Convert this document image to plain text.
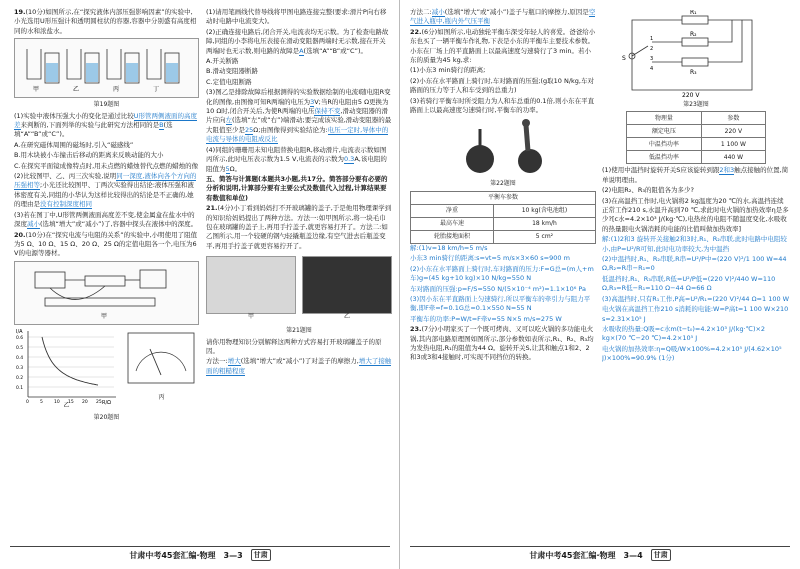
19.(10分)如图所示,在“探究液体内部压强影响因素”的实验中,小光选用U形压强计和透明圆柱状的容器,容器中分别盛有高度相同的水和浓盐水。

甲	乙	丙	丁

第19题图

(1)实验中液体压强大小的变化是通过比较U形管两侧液面的高度差来判断的,下面列举的实验与此研究方法相同的是B(选填“A”“B”或“C”)。

A.在研究磁体周围的磁场时,引入“磁感线”

B.用木块被小车撞击后移动的距离来反映动能的大小

C.在探究平面镜成像特点时,用未点燃的蜡烛替代点燃的蜡烛的像

(2)比较图甲、乙、丙三次实验,说明同一深度,液体向各个方向的压强相等;小光还比较图甲、丁两次实验得出结论:液体压强和液体密度有关,同组的小华认为这样比较得出的结论是不正确的,她的理由是没有控制深度相同

(3)若在图丁中,U形管两侧液面高度差不变,使金属盒在盐水中的深度减小(选填“增大”或“减小”)了,容器中探头在液体中的深度。

20.(10分)在“探究电流与电阻的关系”的实验中,小明使用了阻值为5 Ω、10 Ω、15 Ω、20 Ω、25 Ω的定值电阻各一个,电压为6 V的电源等器材。

甲
I/A
R/Ω
0.6
0.5
0.4
0.3
0.2
0.1
0 5 10 15 20 25
乙
丙

第20题图

(1)请用笔画线代替导线将甲图电路连接完整(要求:滑片P向右移动时电路中电流变大)。

(2)正确连接电路后,闭合开关,电流表均无示数。为了检查电路故障,同组的小李将电压表接在滑动变阻器两端时无示数,接在开关两端时也无示数,则电路的故障是A(选填“A”“B”或“C”)。

A.开关断路

B.滑动变阻器断路

C.定值电阻断路

(3)图乙是排除故障后根据测得的实验数据绘制的电流I随电阻R变化的图像,由图像可知R两端的电压为3V;当R的电阻由5 Ω更换为10 Ω时,闭合开关后,为使R两端的电压保持不变,滑动变阻器的滑片应向左(选填“左”或“右”)端滑动;要完成该实验,滑动变阻器的最大阻值至少是25Ω;由图像得到实验结论为:电压一定时,导体中的电流与导体的电阻成反比

(4)同组的珊珊用未知电阻替换电阻R,移动滑片,电流表示数如图丙所示,此时电压表示数为1.5 V,电流表的示数为0.3A,该电阻的阻值为5Ω。

五、简答与计算题(本题共3小题,共17分。简答部分要有必要的分析和说明,计算部分要有主要公式及数值代入过程,计算结果要有数值和单位)

21.(4分)小丁看到妈妈打不开玻璃罐的盖子,于是他用物理课学到的知识给妈妈提出了两种方法。方法一:如甲图所示,将一块毛巾包在玻璃罐的盖子上,再用手拧盖子,就更容易打开了。方法二:如乙图所示,用一个较硬的钢勺轻撬瓶盖边缘,有空气进去后瓶盖变平,再用手拧盖子就更容易拧开了。

甲	乙

第21题图

请你用物理知识分别解释这两种方式容易打开玻璃罐盖子的原因。

方法一:增大(选填“增大”或“减小”)了对盖子的摩擦力,增大了接触面的粗糙程度

方法二:减小(选填“增大”或“减小”)盖子与瓶口的摩擦力,原因是空气进入瓶中,瓶内外气压平衡

22.(6分)如图所示,电动独轮平衡车深受年轻人的喜爱。爸爸给小东也买了一辆平衡车作礼物,下表是小东的平衡车主要技术参数。小东在厂场上的平直路面上以最高速度匀速骑行了3 min。若小东的质量为45 kg,求:

(1)小东3 min骑行的距离;

(2)小东在水平路面上骑行时,车对路面的压强;(g取10 N/kg,车对路面的压力等于人和车受到的总重力)

(3)若骑行平衡车时所受阻力为人和车总重的0.1倍,则小东在平直路面上以最高速度匀速骑行时,平衡车的功率。

第22题图

平衡车参数	
净重	10 kg(含电池组)
最高车速	18 km/h
轮胎接地面积	5 cm²

解:(1)v=18 km/h=5 m/s

小东3 min骑行的距离:s=vt=5 m/s×3×60 s=900 m

(2)小东在水平路面上骑行时,车对路面的压力:F=G总=(m人+m车)g=(45 kg+10 kg)×10 N/kg=550 N

车对路面的压强:p=F/S=550 N/(5×10⁻⁴ m²)=1.1×10⁶ Pa

(3)因小东在平直路面上匀速骑行,所以平衡车的牵引力与阻力平衡,即F牵=f=0.1G总=0.1×550 N=55 N

平衡车的功率:P=W/t=F牵v=55 N×5 m/s=275 W

23.(7分)小明家买了一个既可烤肉、又可以吃火锅的多功能电火锅,其内部电路原理图如图所示,部分参数如表所示,R₁、R₂、R₃均为发热电阻,R₁的阻值为44 Ω。旋转开关S,让其和触点1和2、2和3或3和4接触时,可实现不同挡位的转换。

R₁
R₂
R₃
S
220 V
1
2
3
4

第23题图

物理量	参数
额定电压	220 V
中温挡功率	1 100 W
低温挡功率	440 W

(1)使用中温挡时旋转开关S应该旋转到跟2和3触点接触的位置,简单说明理由。

(2)电阻R₂、R₃的阻值各为多少?

(3)在高温挡工作时,电火锅将2 kg温度为20 ℃的水,高温挡连续正常工作210 s,水温升高到70 ℃,求此时电火锅的加热效率η是多少?[c水=4.2×10³ J/(kg·℃),电热丝的电阻不随温度变化,水吸收的热量跟电火锅消耗的电能的比值叫做加热效率]

解:(1)2和3 旋转开关接触2和3时,R₁、R₂串联,此时电路中电阻较小,由P=U²/R可知,此时电功率较大,为中温挡

(2)中温挡时,R₁、R₂串联,R串=U²/P中=(220 V)²/1 100 W=44 Ω,R₂=R串−R₁=0

低温挡时,R₁、R₃串联,R低=U²/P低=(220 V)²/440 W=110 Ω,R₃=R低−R₁=110 Ω−44 Ω=66 Ω

(3)高温挡时,只有R₁工作,P高=U²/R₁=(220 V)²/44 Ω=1 100 W

电火锅在高温挡工作210 s消耗的电能:W=P高t=1 100 W×210 s=2.31×10⁵ J

水吸收的热量:Q吸=c水m(t−t₀)=4.2×10³ J/(kg·℃)×2 kg×(70 ℃−20 ℃)=4.2×10⁵ J

电火锅的加热效率:η=Q吸/W×100%=4.2×10⁵ J/(4.62×10⁵ J)×100%≈90.9% (1分)

甘肃中考45套汇编·物理 3—3	甘肃	甘肃中考45套汇编·物理 3—4	甘肃
